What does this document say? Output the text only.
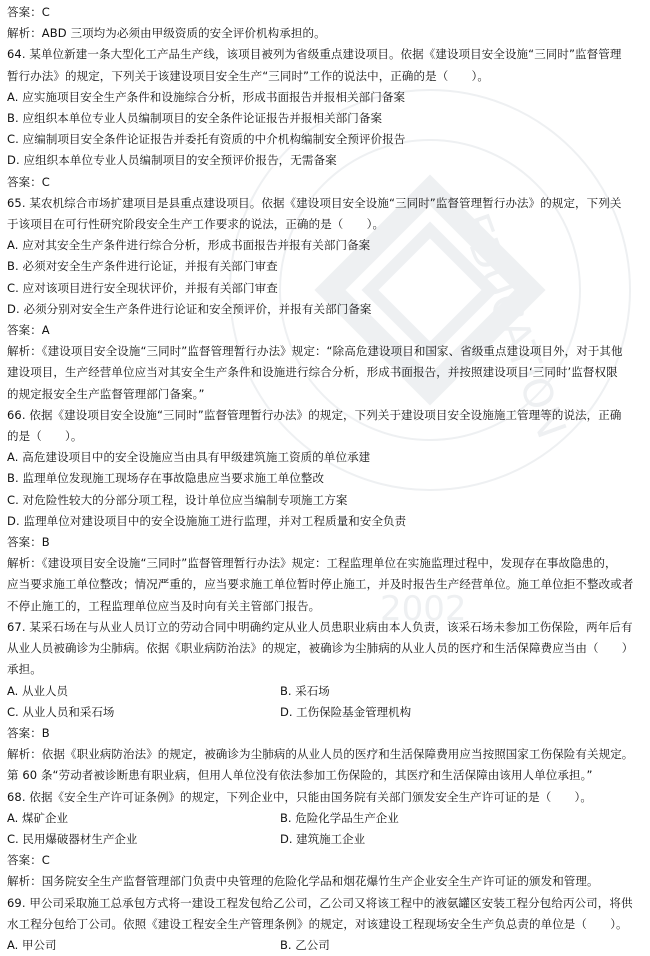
EDUCATION
2002
答案：C
解析：ABD 三项均为必须由甲级资质的安全评价机构承担的。
64. 某单位新建一条大型化工产品生产线，该项目被列为省级重点建设项目。依据《建设项目安全设施“三同时”监督管理
暂行办法》的规定，下列关于该建设项目安全生产“三同时”工作的说法中，正确的是（　　）。
A. 应实施项目安全生产条件和设施综合分析，形成书面报告并报相关部门备案
B. 应组织本单位专业人员编制项目的安全条件论证报告并报相关部门备案
C. 应编制项目安全条件论证报告并委托有资质的中介机构编制安全预评价报告
D. 应组织本单位专业人员编制项目的安全预评价报告，无需备案
答案：C
65. 某农机综合市场扩建项目是县重点建设项目。依据《建设项目安全设施“三同时”监督管理暂行办法》的规定，下列关
于该项目在可行性研究阶段安全生产工作要求的说法，正确的是（　　）。
A. 应对其安全生产条件进行综合分析，形成书面报告并报有关部门备案
B. 必须对安全生产条件进行论证，并报有关部门审查
C. 应对该项目进行安全现状评价，并报有关部门审查
D. 必须分别对安全生产条件进行论证和安全预评价，并报有关部门备案
答案：A
解析：《建设项目安全设施“三同时”监督管理暂行办法》规定：“除高危建设项目和国家、省级重点建设项目外，对于其他
建设项目，生产经营单位应当对其安全生产条件和设施进行综合分析，形成书面报告，并按照建设项目‘三同时’监督权限
的规定报安全生产监督管理部门备案。”
66. 依据《建设项目安全设施“三同时”监督管理暂行办法》的规定，下列关于建设项目安全设施施工管理等的说法，正确
的是（　　）。
A. 高危建设项目中的安全设施应当由具有甲级建筑施工资质的单位承建
B. 监理单位发现施工现场存在事故隐患应当要求施工单位整改
C. 对危险性较大的分部分项工程，设计单位应当编制专项施工方案
D. 监理单位对建设项目中的安全设施施工进行监理，并对工程质量和安全负责
答案：B
解析：《建设项目安全设施“三同时”监督管理暂行办法》规定：工程监理单位在实施监理过程中，发现存在事故隐患的，
应当要求施工单位整改；情况严重的，应当要求施工单位暂时停止施工，并及时报告生产经营单位。施工单位拒不整改或者
不停止施工的，工程监理单位应当及时向有关主管部门报告。
67. 某采石场在与从业人员订立的劳动合同中明确约定从业人员患职业病由本人负责，该采石场未参加工伤保险，两年后有
从业人员被确诊为尘肺病。依据《职业病防治法》的规定，被确诊为尘肺病的从业人员的医疗和生活保障费应当由（　　）
承担。
A. 从业人员	B. 采石场
C. 从业人员和采石场	D. 工伤保险基金管理机构
答案：B
解析：依据《职业病防治法》的规定，被确诊为尘肺病的从业人员的医疗和生活保障费用应当按照国家工伤保险有关规定。
第 60 条“劳动者被诊断患有职业病，但用人单位没有依法参加工伤保险的，其医疗和生活保障由该用人单位承担。”
68. 依据《安全生产许可证条例》的规定，下列企业中，只能由国务院有关部门颁发安全生产许可证的是（　　）。
A. 煤矿企业	B. 危险化学品生产企业
C. 民用爆破器材生产企业	D. 建筑施工企业
答案：C
解析：国务院安全生产监督管理部门负责中央管理的危险化学品和烟花爆竹生产企业安全生产许可证的颁发和管理。
69. 甲公司采取施工总承包方式将一建设工程发包给乙公司，乙公司又将该工程中的液氨罐区安装工程分包给丙公司，将供
水工程分包给丁公司。依照《建设工程安全生产管理条例》的规定，对该建设工程现场安全生产负总责的单位是（　　）。
A. 甲公司	B. 乙公司
